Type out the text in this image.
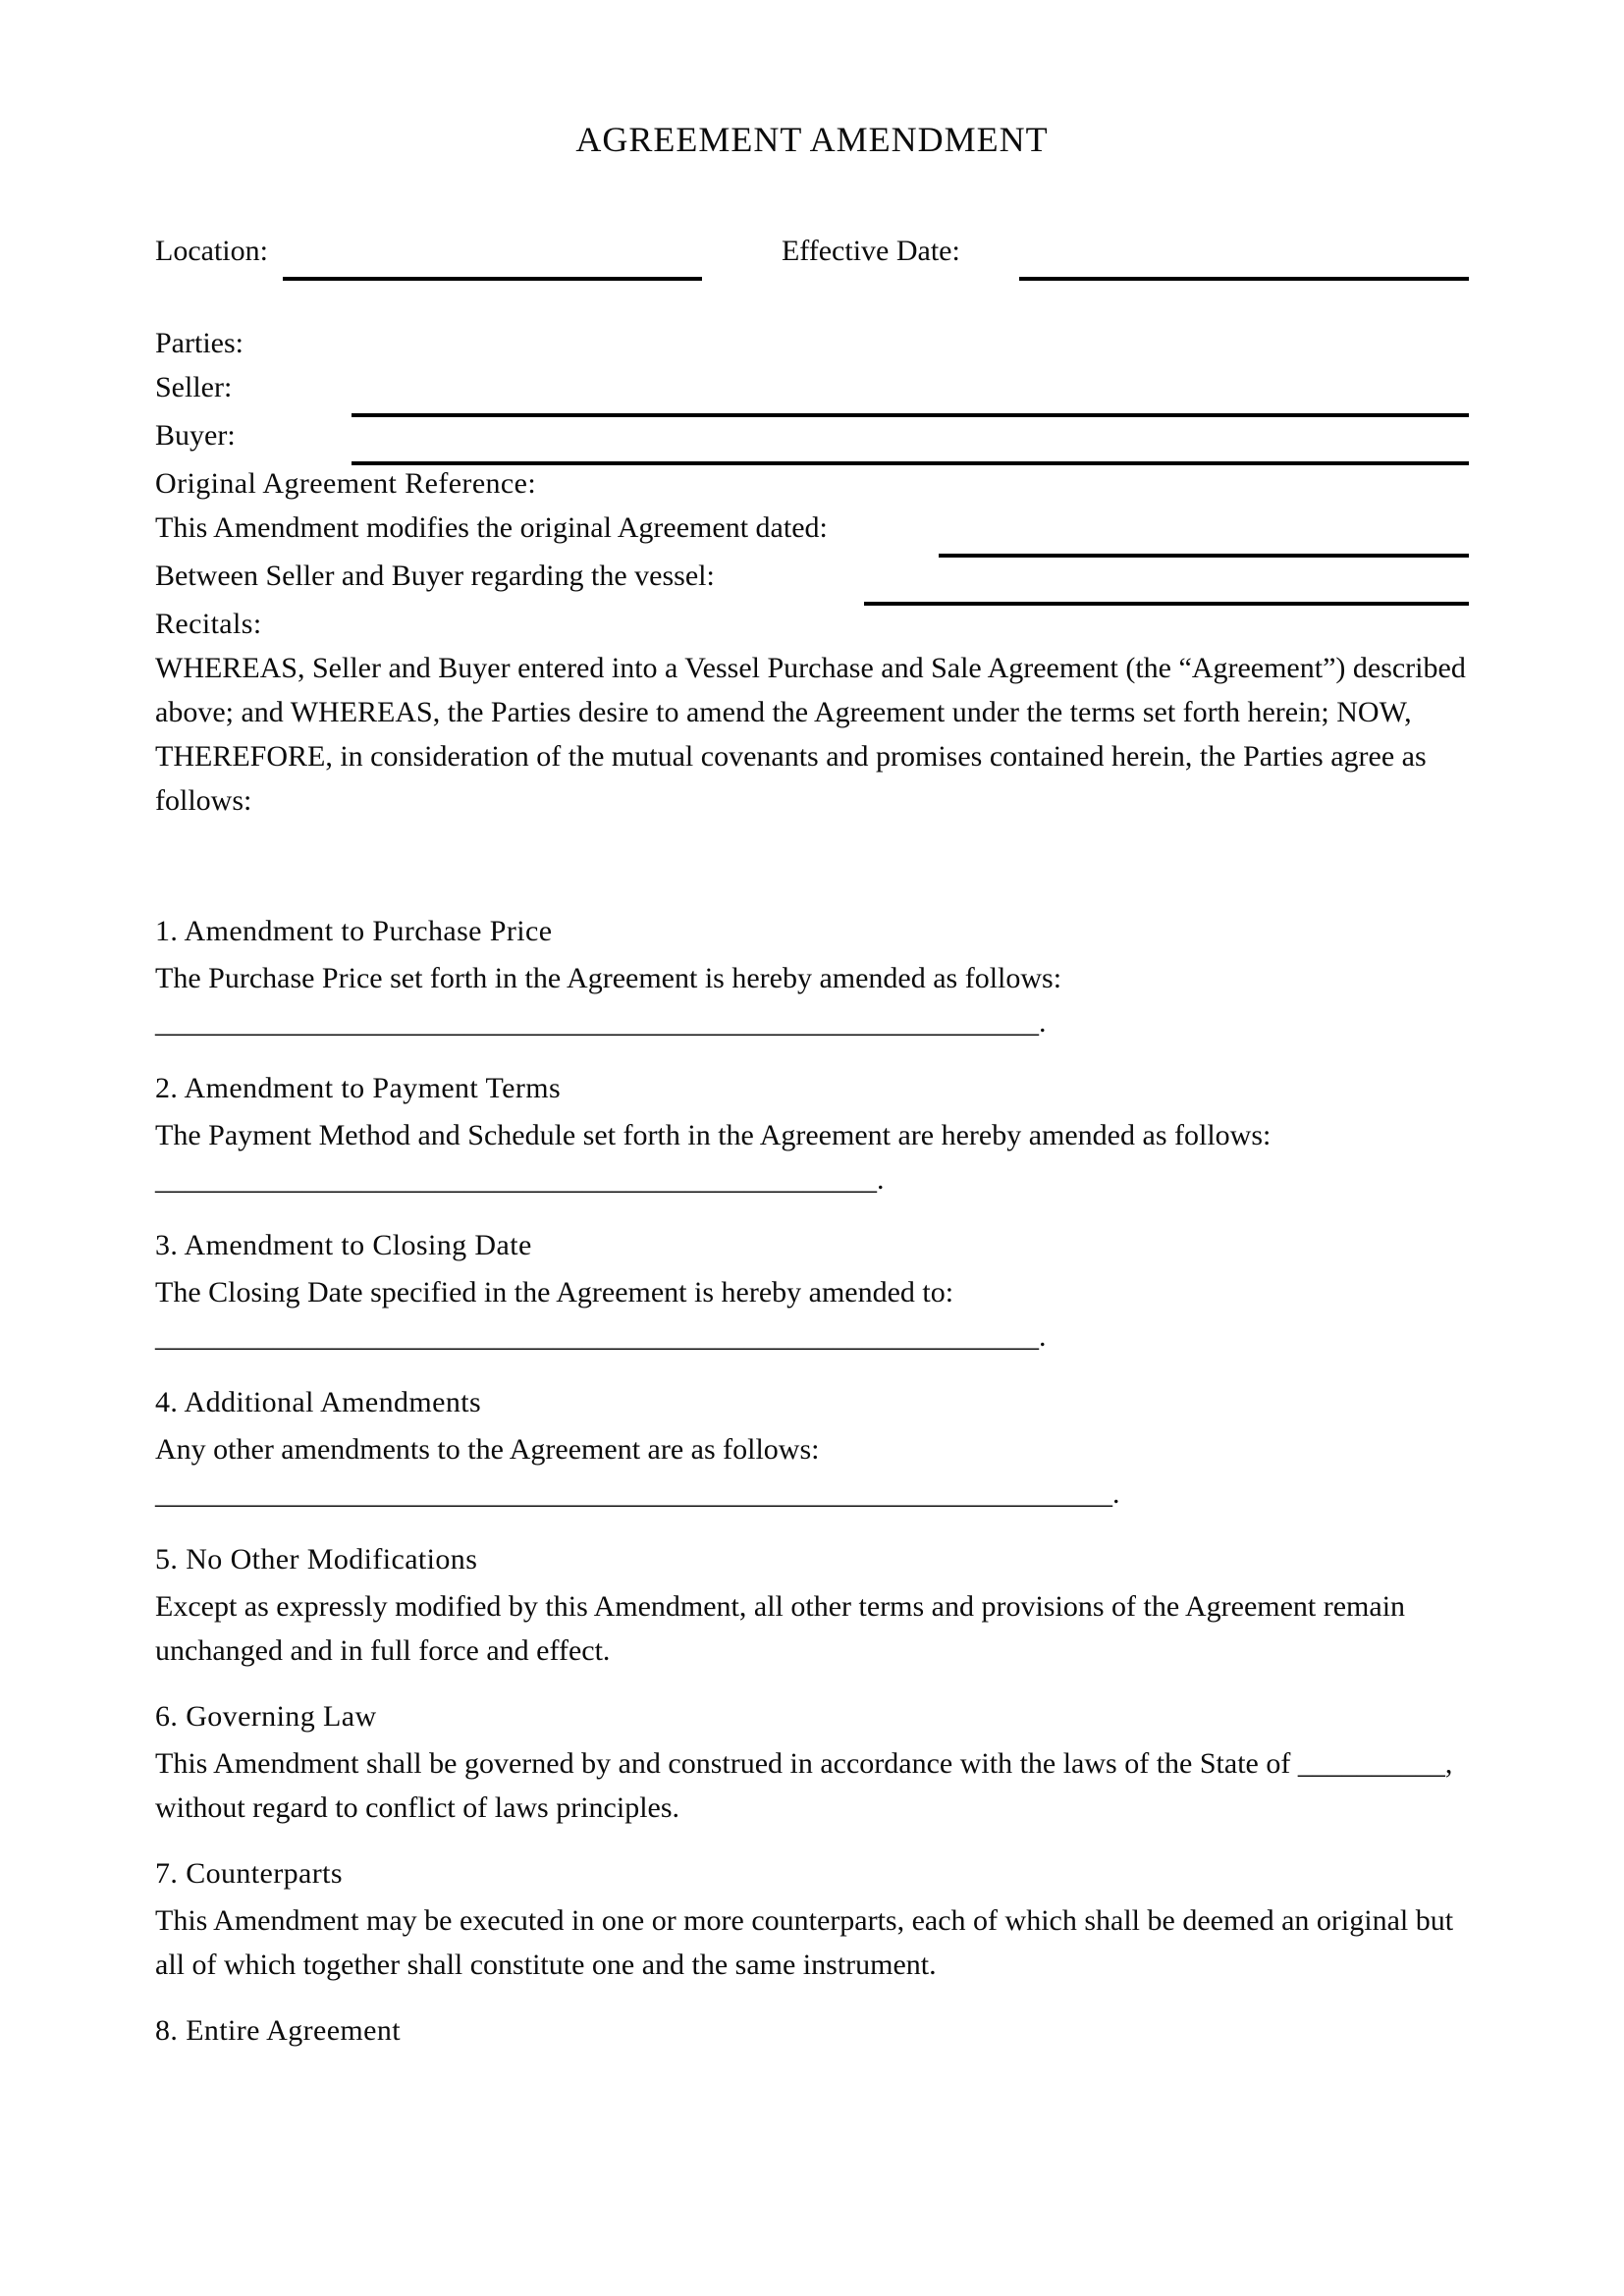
AGREEMENT AMENDMENT
Location:	Effective Date:

Parties:

Seller:
Buyer:
Original Agreement Reference:
This Amendment modifies the original Agreement dated:
Between Seller and Buyer regarding the vessel:
Recitals:

WHEREAS, Seller and Buyer entered into a Vessel Purchase and Sale Agreement (the “Agreement”) described above; and WHEREAS, the Parties desire to amend the Agreement under the terms set forth herein; NOW, THEREFORE, in consideration of the mutual covenants and promises contained herein, the Parties agree as follows:

1. Amendment to Purchase Price

The Purchase Price set forth in the Agreement is hereby amended as follows:

____________________________________________________________.

2. Amendment to Payment Terms

The Payment Method and Schedule set forth in the Agreement are hereby amended as follows:

_________________________________________________.

3. Amendment to Closing Date

The Closing Date specified in the Agreement is hereby amended to:

____________________________________________________________.

4. Additional Amendments

Any other amendments to the Agreement are as follows:

_________________________________________________________________.

5. No Other Modifications

Except as expressly modified by this Amendment, all other terms and provisions of the Agreement remain unchanged and in full force and effect.

6. Governing Law

This Amendment shall be governed by and construed in accordance with the laws of the State of __________, without regard to conflict of laws principles.

7. Counterparts

This Amendment may be executed in one or more counterparts, each of which shall be deemed an original but all of which together shall constitute one and the same instrument.

8. Entire Agreement
